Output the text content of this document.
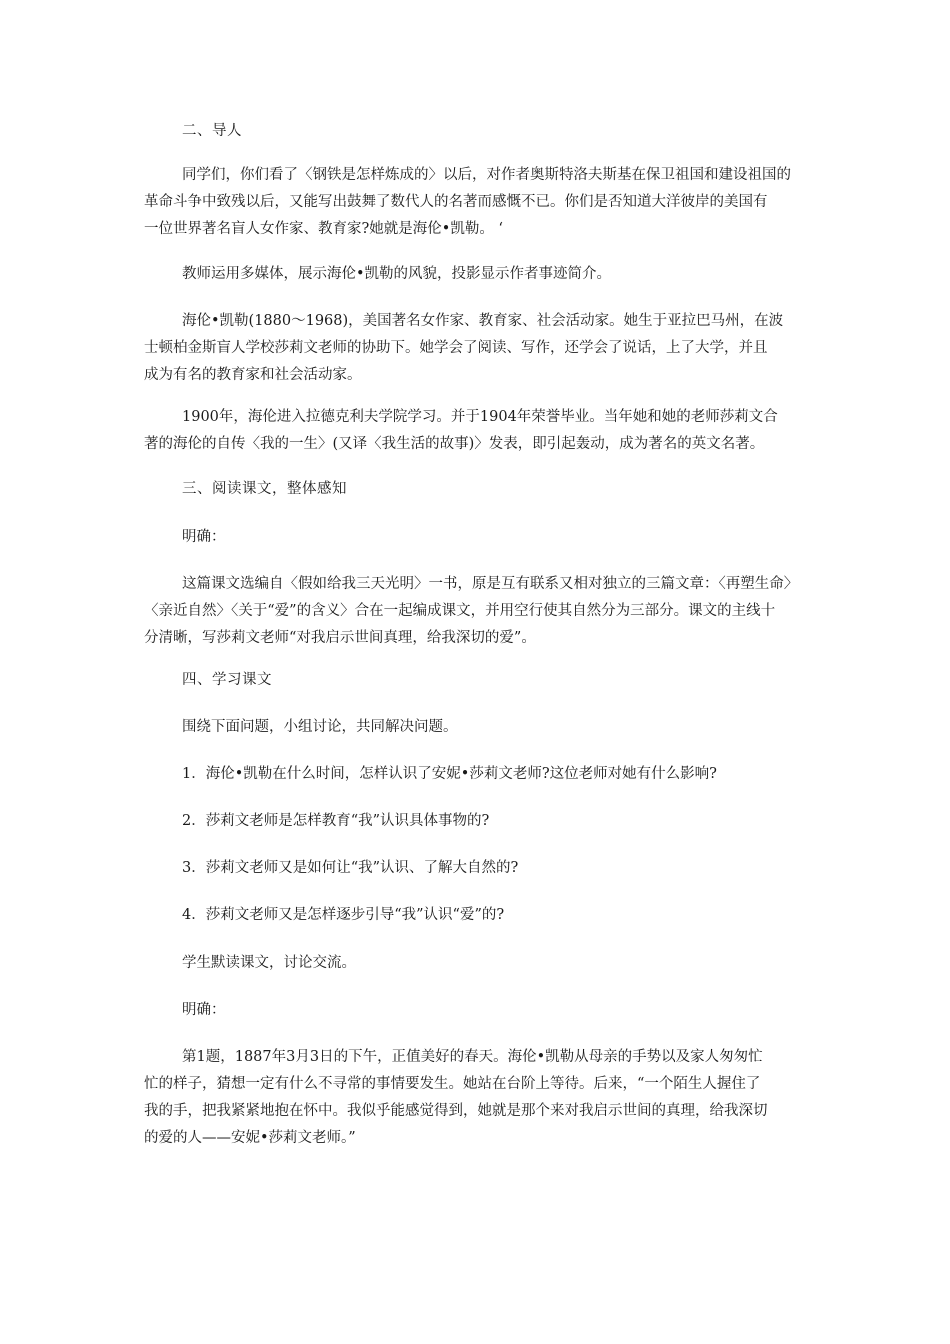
二、导人
同学们，你们看了〈钢铁是怎样炼成的〉以后，对作者奥斯特洛夫斯基在保卫祖国和建设祖国的
革命斗争中致残以后，又能写出鼓舞了数代人的名著而感慨不已。你们是否知道大洋彼岸的美国有
一位世界著名盲人女作家、教育家?她就是海伦•凯勒。 ‘
教师运用多媒体，展示海伦•凯勒的风貌，投影显示作者事迹简介。
海伦•凯勒(1880～1968)，美国著名女作家、教育家、社会活动家。她生于亚拉巴马州，在波
士顿柏金斯盲人学校莎莉文老师的协助下。她学会了阅读、写作，还学会了说话，上了大学，并且
成为有名的教育家和社会活动家。
1900年，海伦进入拉德克利夫学院学习。并于1904年荣誉毕业。当年她和她的老师莎莉文合
著的海伦的自传〈我的一生〉(又译〈我生活的故事)〉发表，即引起轰动，成为著名的英文名著。
三、阅读课文，整体感知
明确：
这篇课文选编自〈假如给我三天光明〉一书，原是互有联系又相对独立的三篇文章：〈再塑生命〉
〈亲近自然〉〈关于“爱”的含义〉合在一起编成课文，并用空行使其自然分为三部分。课文的主线十
分清晰，写莎莉文老师“对我启示世间真理，给我深切的爱”。
四、学习课文
围绕下面问题，小组讨论，共同解决问题。
1．海伦•凯勒在什么时间，怎样认识了安妮•莎莉文老师?这位老师对她有什么影响?
2．莎莉文老师是怎样教育“我”认识具体事物的?
3．莎莉文老师又是如何让“我”认识、了解大自然的?
4．莎莉文老师又是怎样逐步引导“我”认识“爱”的?
学生默读课文，讨论交流。
明确：
第1题，1887年3月3日的下午，正值美好的春天。海伦•凯勒从母亲的手势以及家人匆匆忙
忙的样子，猜想一定有什么不寻常的事情要发生。她站在台阶上等待。后来，“一个陌生人握住了
我的手，把我紧紧地抱在怀中。我似乎能感觉得到，她就是那个来对我启示世间的真理，给我深切
的爱的人——安妮•莎莉文老师。”
